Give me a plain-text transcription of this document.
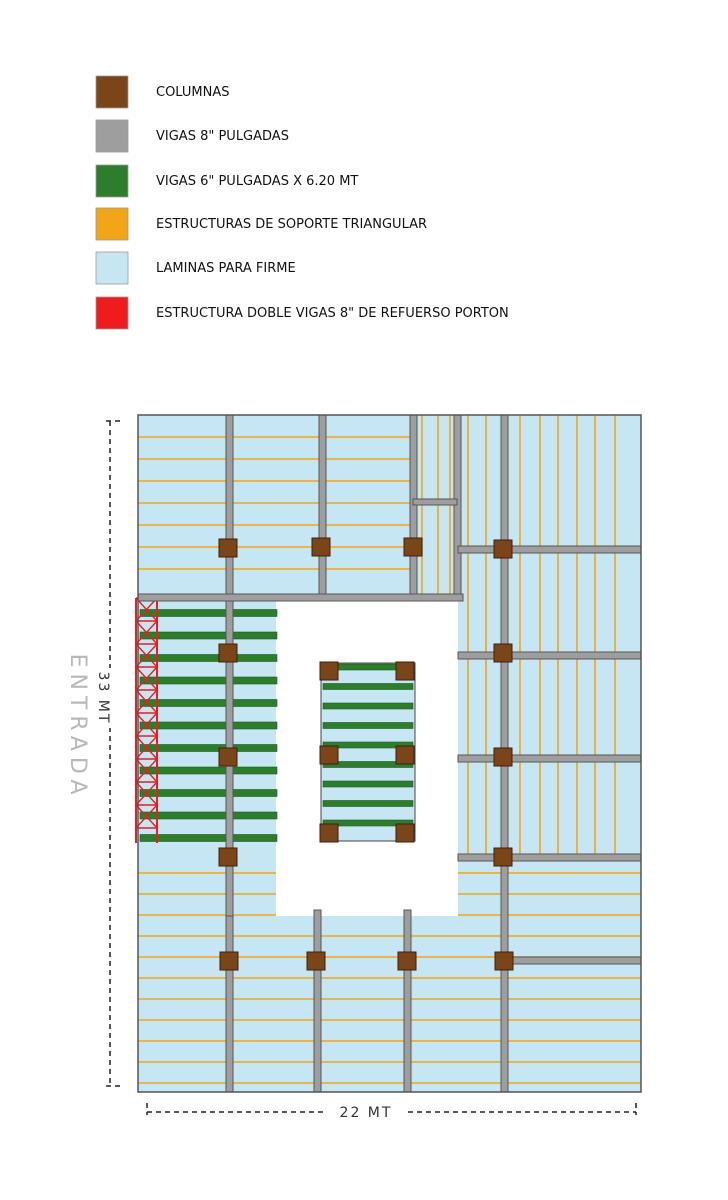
COLUMNAS
VIGAS 8" PULGADAS
VIGAS 6" PULGADAS X 6.20 MT
ESTRUCTURAS DE SOPORTE TRIANGULAR
LAMINAS PARA FIRME
ESTRUCTURA DOBLE VIGAS 8" DE REFUERSO PORTON
33 MT
22 MT
ENTRADA
